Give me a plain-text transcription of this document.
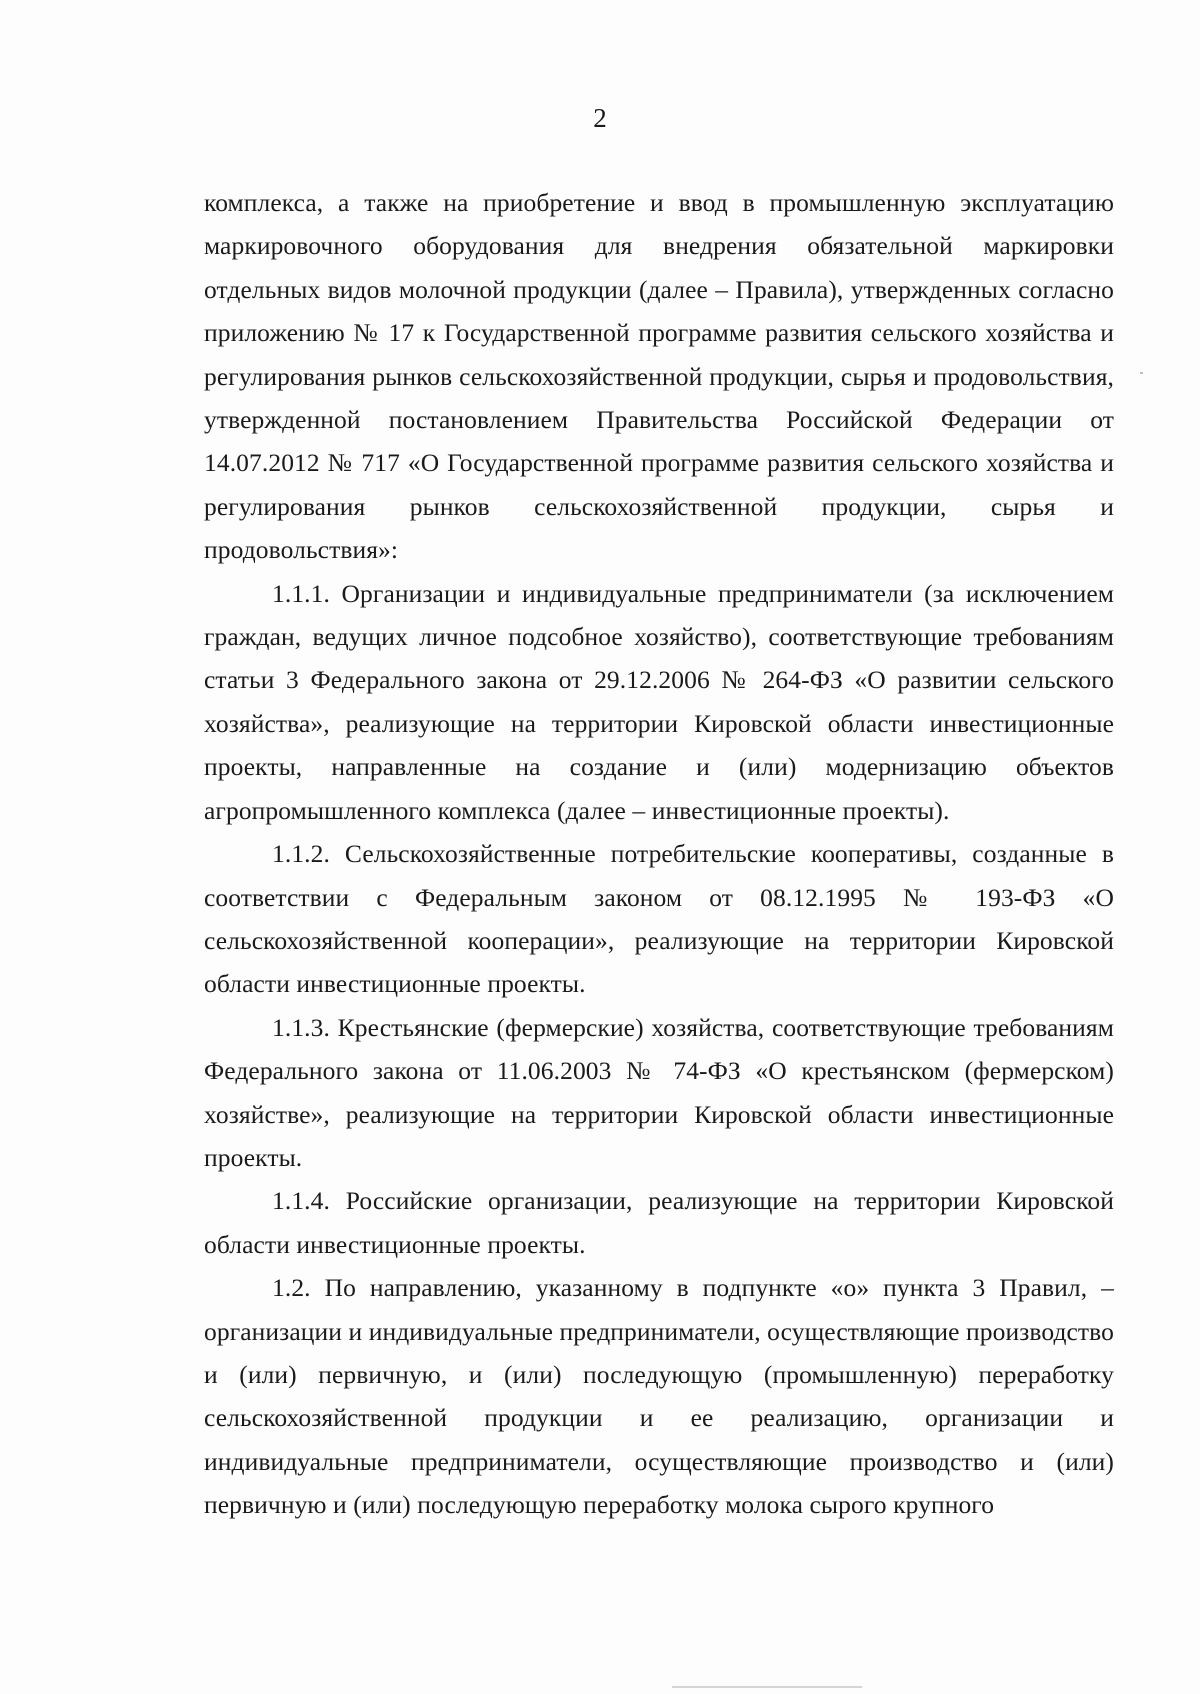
2

комплекса, а также на приобретение и ввод в промышленную эксплуатацию маркировочного оборудования для внедрения обязательной маркировки отдельных видов молочной продукции (далее – Правила), утвержденных согласно приложению № 17 к Государственной программе развития сельского хозяйства и регулирования рынков сельскохозяйственной продукции, сырья и продовольствия, утвержденной постановлением Правительства Российской Федерации от 14.07.2012 № 717 «О Государственной программе развития сельского хозяйства и регулирования рынков сельскохозяйственной продукции, сырья и продовольствия»:

1.1.1. Организации и индивидуальные предприниматели (за исключением граждан, ведущих личное подсобное хозяйство), соответствующие требованиям статьи 3 Федерального закона от 29.12.2006 № 264-ФЗ «О развитии сельского хозяйства», реализующие на территории Кировской области инвестиционные проекты, направленные на создание и (или) модернизацию объектов агропромышленного комплекса (далее – инвестиционные проекты).

1.1.2. Сельскохозяйственные потребительские кооперативы, созданные в соответствии с Федеральным законом от 08.12.1995 № 193-ФЗ «О сельскохозяйственной кооперации», реализующие на территории Кировской области инвестиционные проекты.

1.1.3. Крестьянские (фермерские) хозяйства, соответствующие требованиям Федерального закона от 11.06.2003 № 74-ФЗ «О крестьянском (фермерском) хозяйстве», реализующие на территории Кировской области инвестиционные проекты.

1.1.4. Российские организации, реализующие на территории Кировской области инвестиционные проекты.

1.2. По направлению, указанному в подпункте «о» пункта 3 Правил, – организации и индивидуальные предприниматели, осуществляющие производство и (или) первичную, и (или) последующую (промышленную) переработку сельскохозяйственной продукции и ее реализацию, организации и индивидуальные предприниматели, осуществляющие производство и (или) первичную и (или) последующую переработку молока сырого крупного
